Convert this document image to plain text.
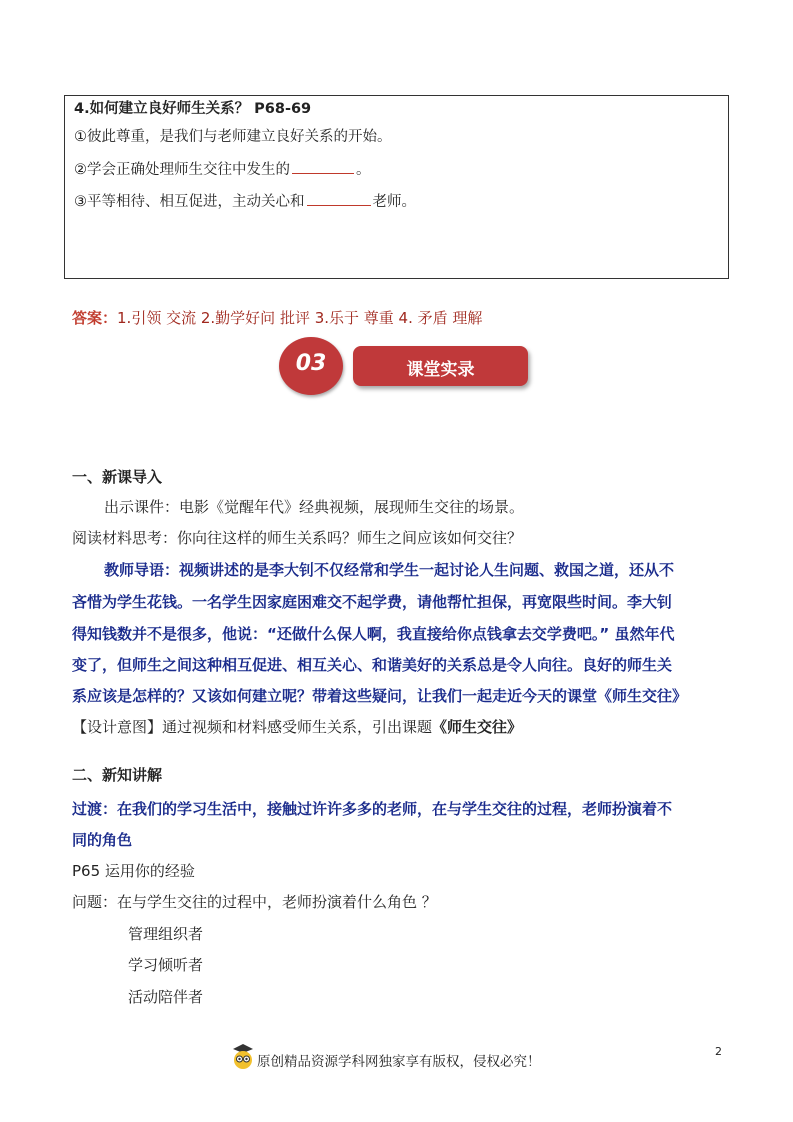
4.如何建立良好师生关系？ P68-69
①彼此尊重，是我们与老师建立良好关系的开始。
②学会正确处理师生交往中发生的	。
③平等相待、相互促进，主动关心和	老师。
答案：1.引领 交流 2.勤学好问 批评 3.乐于 尊重 4. 矛盾 理解
03	课堂实录
一、新课导入
出示课件：电影《觉醒年代》经典视频，展现师生交往的场景。
阅读材料思考：你向往这样的师生关系吗？师生之间应该如何交往？
教师导语：视频讲述的是李大钊不仅经常和学生一起讨论人生问题、救国之道，还从不
吝惜为学生花钱。一名学生因家庭困难交不起学费，请他帮忙担保，再宽限些时间。李大钊
得知钱数并不是很多，他说：“还做什么保人啊，我直接给你点钱拿去交学费吧。” 虽然年代
变了，但师生之间这种相互促进、相互关心、和谐美好的关系总是令人向往。良好的师生关
系应该是怎样的？又该如何建立呢？带着这些疑问，让我们一起走近今天的课堂《师生交往》
【设计意图】通过视频和材料感受师生关系，引出课题《师生交往》
二、新知讲解
过渡：在我们的学习生活中，接触过许许多多的老师，在与学生交往的过程，老师扮演着不
同的角色
P65 运用你的经验
问题：在与学生交往的过程中，老师扮演着什么角色 ？
管理组织者
学习倾听者
活动陪伴者
原创精品资源学科网独家享有版权，侵权必究！
2
